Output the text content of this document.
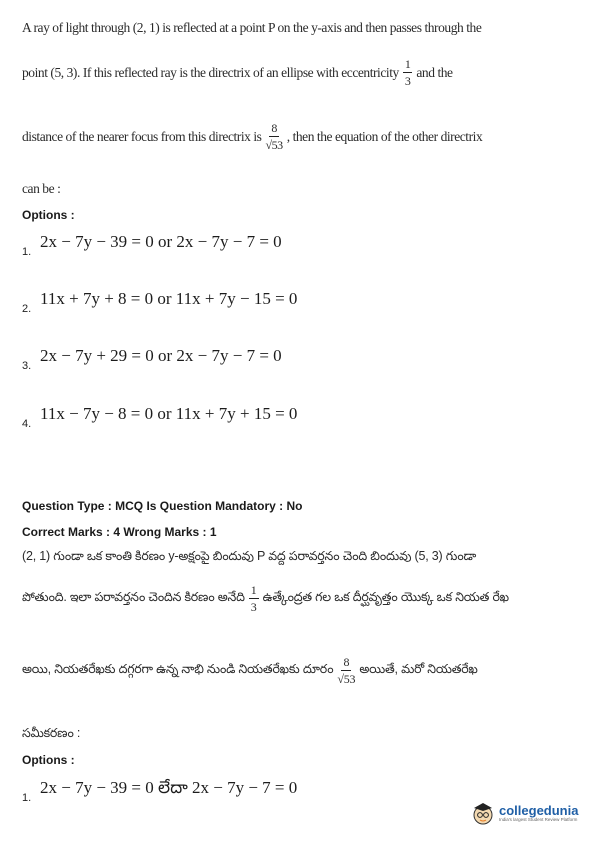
A ray of light through (2, 1) is reflected at a point P on the y-axis and then passes through the
point (5, 3). If this reflected ray is the directrix of an ellipse with eccentricity $\frac{1}{3}$ and the
distance of the nearer focus from this directrix is $\frac{8}{√53}$ , then the equation of the other directrix
can be :
Options :
1.
2x − 7y − 39 = 0 or 2x − 7y − 7 = 0
2.
11x + 7y + 8 = 0 or 11x + 7y − 15 = 0
3.
2x − 7y + 29 = 0 or 2x − 7y − 7 = 0
4.
11x − 7y − 8 = 0 or 11x + 7y + 15 = 0
Question Type : MCQ Is Question Mandatory : No
Correct Marks : 4 Wrong Marks : 1
(2, 1) గుండా ఒక కాంతి కిరణం y-అక్షంపై బిందువు P వద్ద పరావర్తనం చెంది బిందువు (5, 3) గుండా
పోతుంది. ఇలా పరావర్తనం చెందిన కిరణం అనేది $\frac{1}{3}$ ఉత్కేంద్రత గల ఒక దీర్ఘవృత్తం యొక్క ఒక నియత రేఖ
అయి, నియతరేఖకు దగ్గరగా ఉన్న నాభి నుండి నియతరేఖకు దూరం $\frac{8}{√53}$ అయితే, మరో నియతరేఖ
సమీకరణం :
Options :
1.
2x − 7y − 39 = 0 లేదా 2x − 7y − 7 = 0
collegedunia
India's largest Student Review Platform
